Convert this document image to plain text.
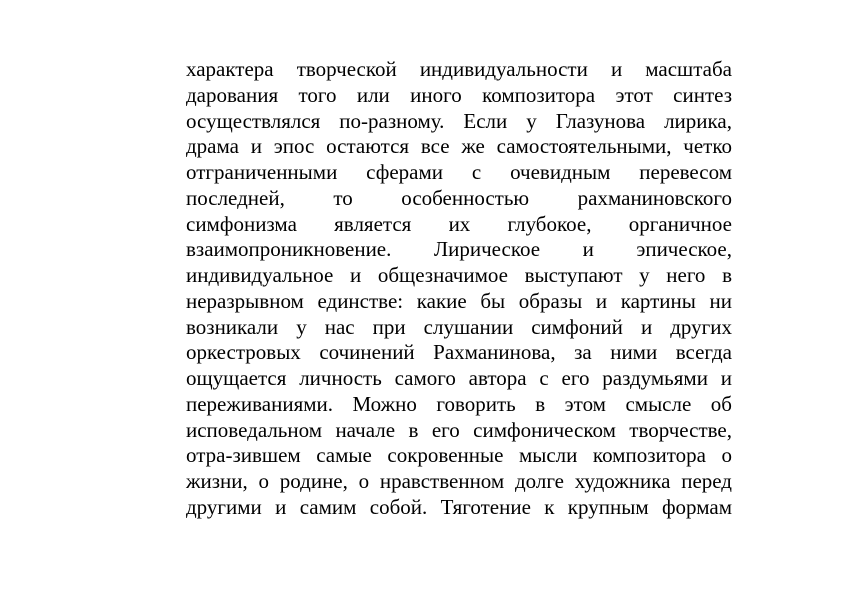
характера творческой индивидуальности и масштаба
дарования того или иного композитора этот синтез
осуществлялся по-разному. Если у Глазунова лирика,
драма и эпос остаются все же самостоятельными, четко
отграниченными сферами с очевидным перевесом
последней, то особенностью рахманиновского
симфонизма является их глубокое, органичное
взаимопроникновение. Лирическое и эпическое,
индивидуальное и общезначимое выступают у него в
неразрывном единстве: какие бы образы и картины ни
возникали у нас при слушании симфоний и других
оркестровых сочинений Рахманинова, за ними всегда
ощущается личность самого автора с его раздумьями и
переживаниями. Можно говорить в этом смысле об
исповедальном начале в его симфоническом творчестве,
отра-зившем самые сокровенные мысли композитора о
жизни, о родине, о нравственном долге художника перед
другими и самим собой. Тяготение к крупным формам
